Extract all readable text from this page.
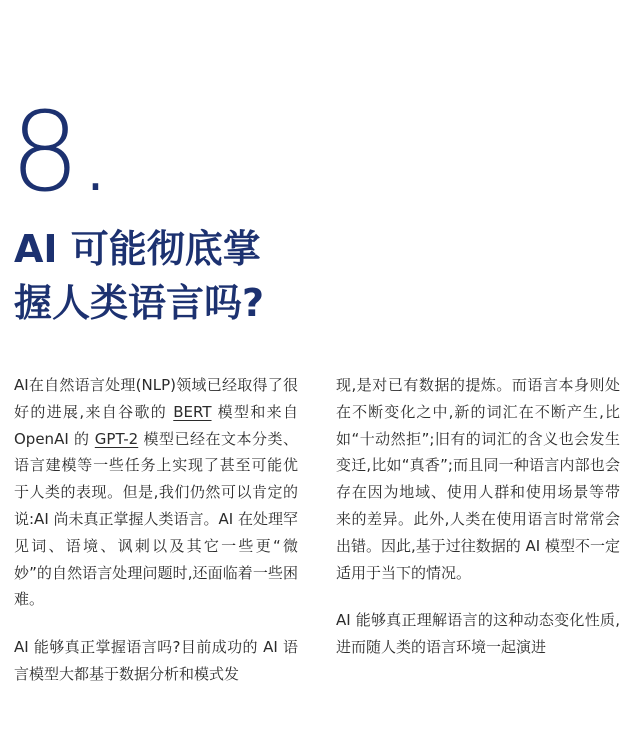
8.
AI 可能彻底掌
握人类语言吗?

AI在自然语言处理(NLP)领域已经取得了很好的进展,来自谷歌的 BERT 模型和来自 OpenAI 的 GPT-2 模型已经在文本分类、语言建模等一些任务上实现了甚至可能优于人类的表现。但是,我们仍然可以肯定的说:AI 尚未真正掌握人类语言。AI 在处理罕见词、语境、讽刺以及其它一些更“微妙”的自然语言处理问题时,还面临着一些困难。

AI 能够真正掌握语言吗?目前成功的 AI 语言模型大都基于数据分析和模式发

现,是对已有数据的提炼。而语言本身则处在不断变化之中,新的词汇在不断产生,比如“十动然拒”;旧有的词汇的含义也会发生变迁,比如“真香”;而且同一种语言内部也会存在因为地域、使用人群和使用场景等带来的差异。此外,人类在使用语言时常常会出错。因此,基于过往数据的 AI 模型不一定适用于当下的情况。

AI 能够真正理解语言的这种动态变化性质,进而随人类的语言环境一起演进
